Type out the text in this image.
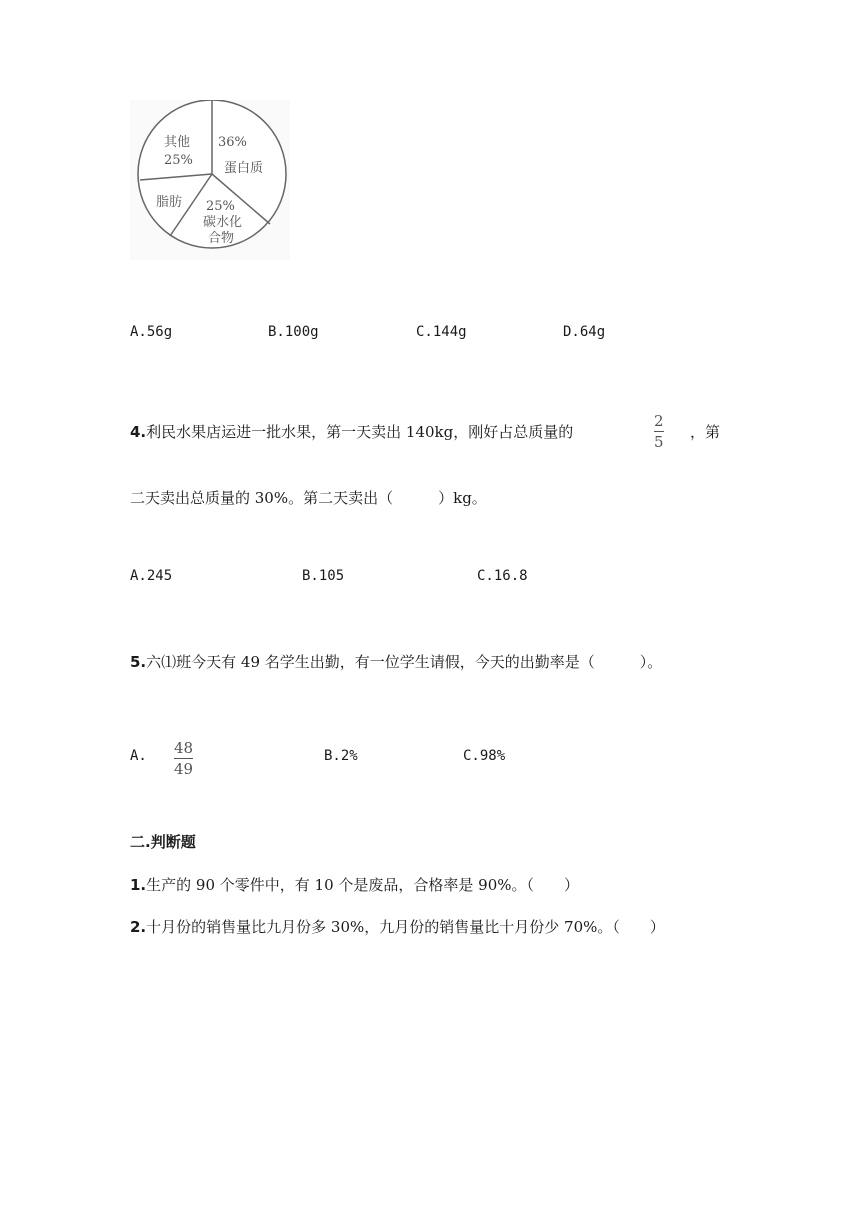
36%
蛋白质
25%
碳水化
合物
脂肪
其他
25%
A.56g	B.100g	C.144g	D.64g
4.利民水果店运进一批水果，第一天卖出 140kg，刚好占总质量的
2
5
，第
二天卖出总质量的 30%。第二天卖出（　　　）kg。
A.245	B.105	C.16.8
5.六⑴班今天有 49 名学生出勤，有一位学生请假，今天的出勤率是（　　　）。
A. 48
49
B.2%	C.98%
二.判断题
1.生产的 90 个零件中，有 10 个是废品，合格率是 90%。（　　）
2.十月份的销售量比九月份多 30%，九月份的销售量比十月份少 70%。（　　）
